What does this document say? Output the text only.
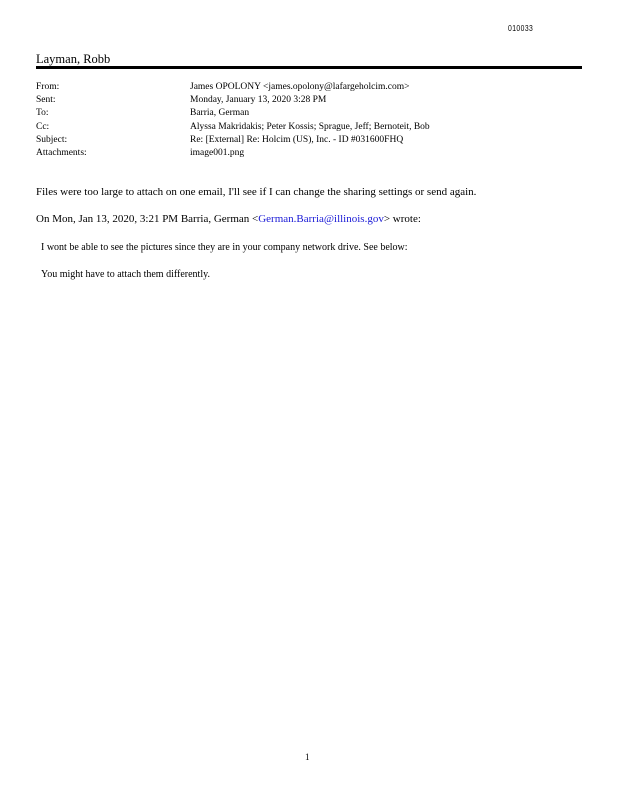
010033
Layman, Robb
From:	James OPOLONY <james.opolony@lafargeholcim.com>
Sent:	Monday, January 13, 2020 3:28 PM
To:	Barria, German
Cc:	Alyssa Makridakis; Peter Kossis; Sprague, Jeff; Bernoteit, Bob
Subject:	Re: [External] Re: Holcim (US), Inc. - ID #031600FHQ
Attachments:	image001.png
Files were too large to attach on one email, I'll see if I can change the sharing settings or send again.
On Mon, Jan 13, 2020, 3:21 PM Barria, German <German.Barria@illinois.gov> wrote:
I wont be able to see the pictures since they are in your company network drive. See below:
You might have to attach them differently.
1
